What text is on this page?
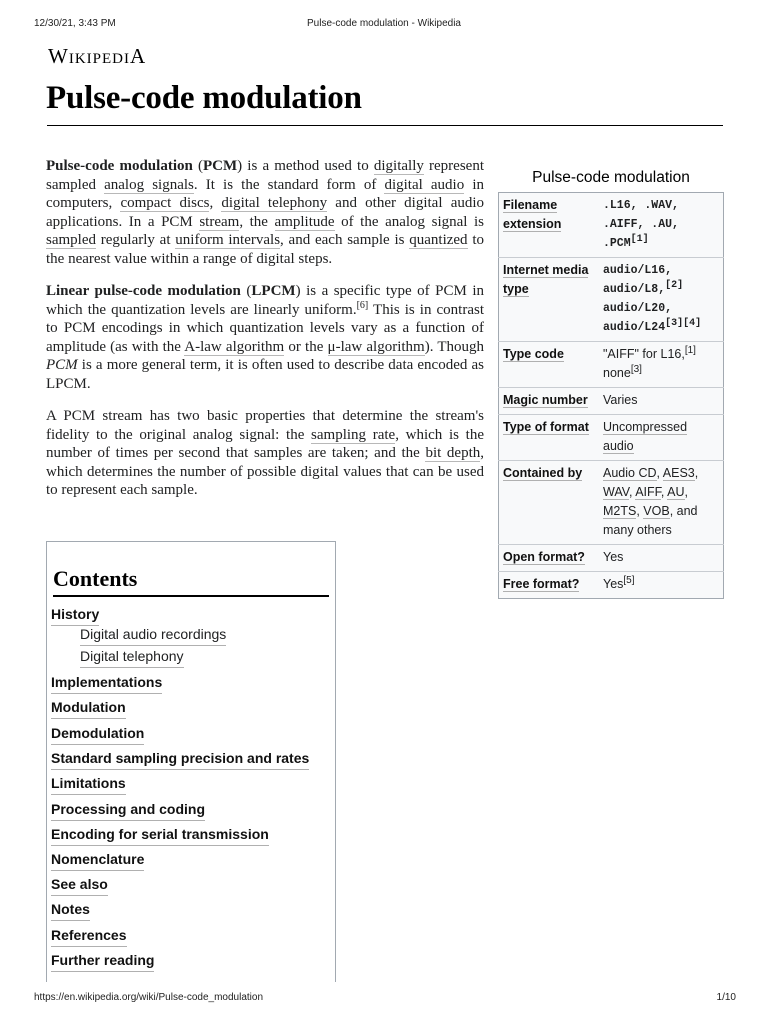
12/30/21, 3:43 PM	Pulse-code modulation - Wikipedia
WikipediA
Pulse-code modulation

Pulse-code modulation (PCM) is a method used to digitally represent sampled analog signals. It is the standard form of digital audio in computers, compact discs, digital telephony and other digital audio applications. In a PCM stream, the amplitude of the analog signal is sampled regularly at uniform intervals, and each sample is quantized to the nearest value within a range of digital steps.

Linear pulse-code modulation (LPCM) is a specific type of PCM in which the quantization levels are linearly uniform.[6] This is in contrast to PCM encodings in which quantization levels vary as a function of amplitude (as with the A-law algorithm or the μ-law algorithm). Though PCM is a more general term, it is often used to describe data encoded as LPCM.

A PCM stream has two basic properties that determine the stream's fidelity to the original analog signal: the sampling rate, which is the number of times per second that samples are taken; and the bit depth, which determines the number of possible digital values that can be used to represent each sample.

Contents
History
Digital audio recordings
Digital telephony
Implementations
Modulation
Demodulation
Standard sampling precision and rates
Limitations
Processing and coding
Encoding for serial transmission
Nomenclature
See also
Notes
References
Further reading
Pulse-code modulation
Filename extension	.L16, .WAV,
.AIFF, .AU,
.PCM[1]
Internet media type	audio/L16,
audio/L8,[2]
audio/L20,
audio/L24[3][4]
Type code	"AIFF" for L16,[1]
none[3]
Magic number	Varies
Type of format	Uncompressed
audio
Contained by	Audio CD, AES3,
WAV, AIFF, AU,
M2TS, VOB, and
many others
Open format?	Yes
Free format?	Yes[5]
https://en.wikipedia.org/wiki/Pulse-code_modulation	1/10
